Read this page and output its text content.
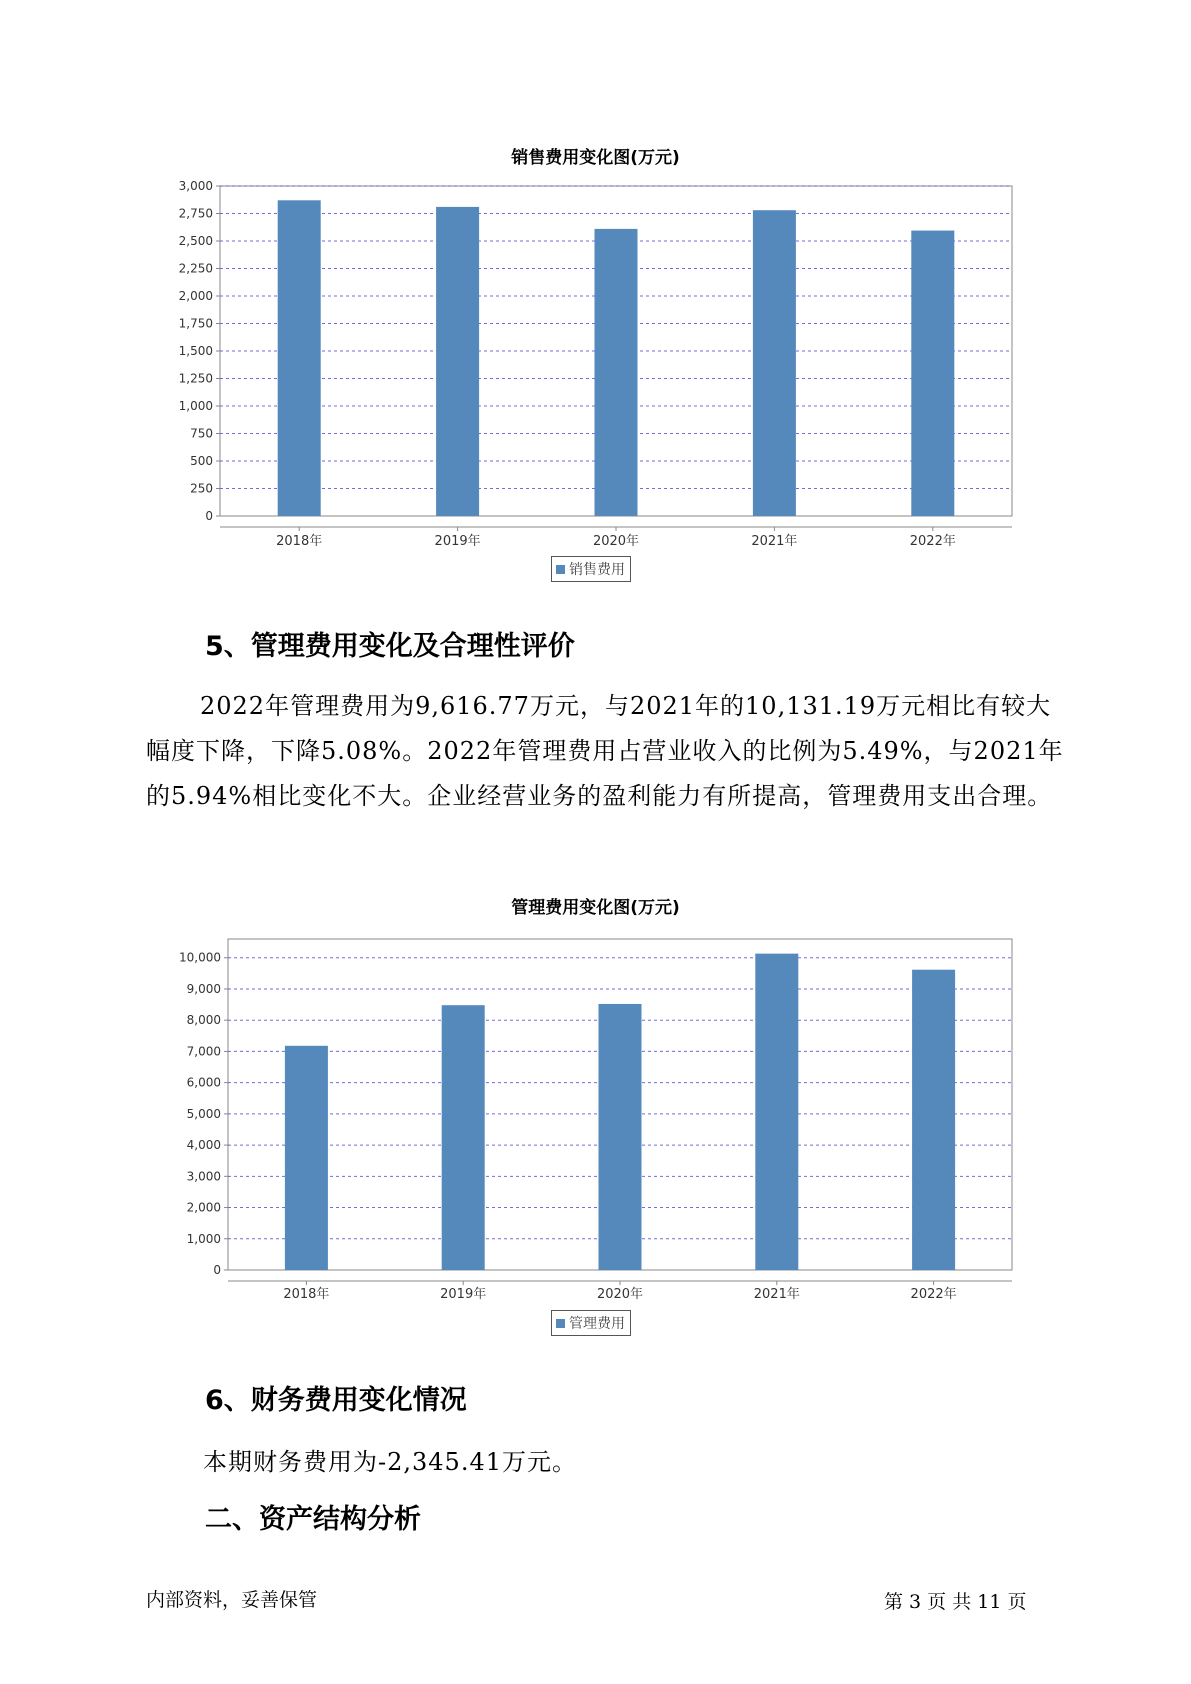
销售费用变化图(万元)
0
250
500
750
1,000
1,250
1,500
1,750
2,000
2,250
2,500
2,750
3,000
2018年	2019年	2020年	2021年	2022年
销售费用
5、管理费用变化及合理性评价
2022年管理费用为9,616.77万元，与2021年的10,131.19万元相比有较大幅度下降，下降5.08%。2022年管理费用占营业收入的比例为5.49%，与2021年的5.94%相比变化不大。企业经营业务的盈利能力有所提高，管理费用支出合理。
管理费用变化图(万元)
0
1,000
2,000
3,000
4,000
5,000
6,000
7,000
8,000
9,000
10,000
2018年	2019年	2020年	2021年	2022年
管理费用
6、财务费用变化情况
本期财务费用为-2,345.41万元。
二、资产结构分析
内部资料，妥善保管	第 3 页 共 11 页
